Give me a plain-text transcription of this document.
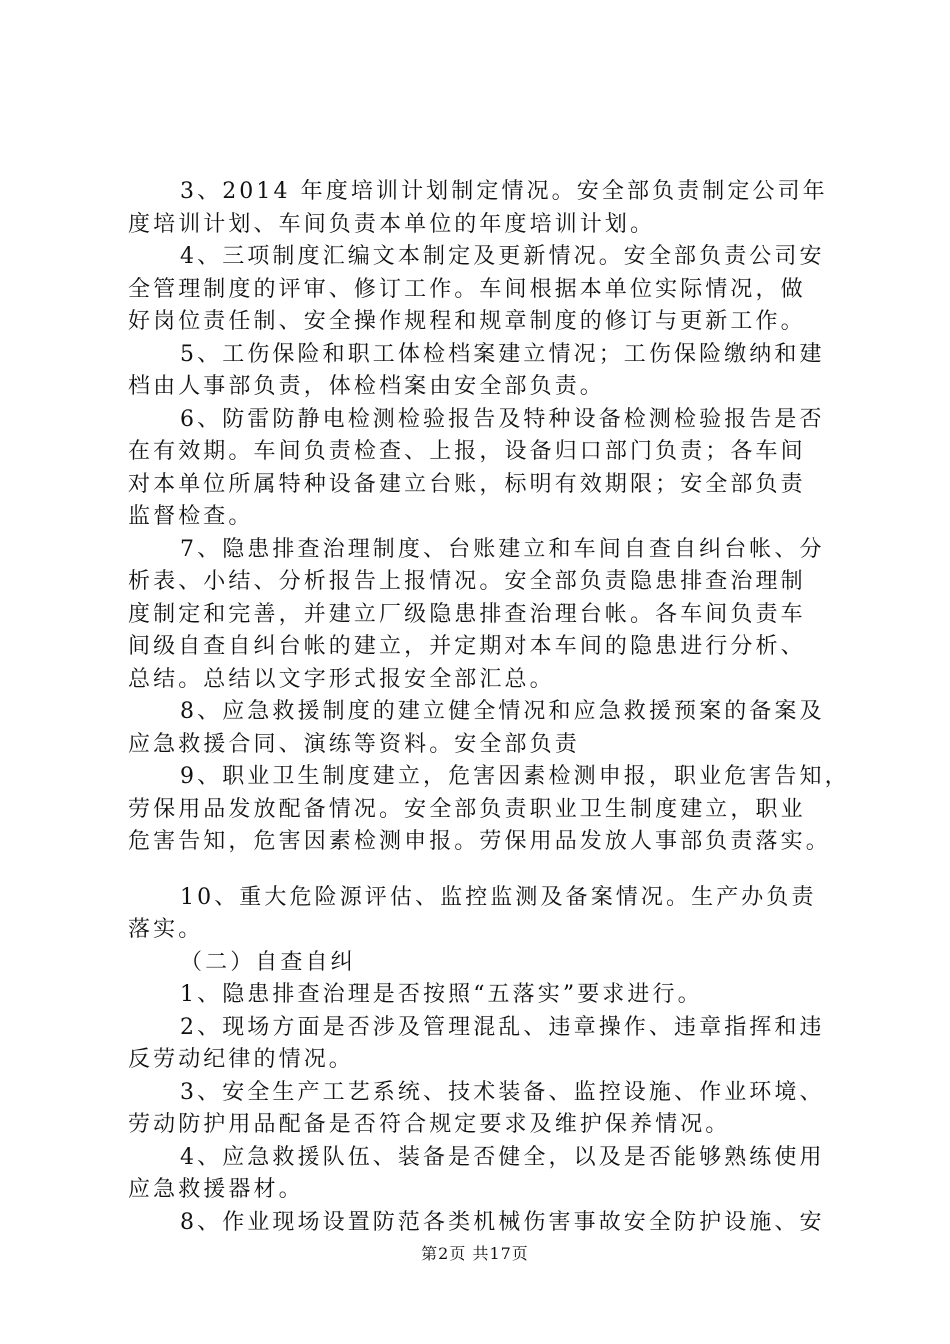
3、2014 年度培训计划制定情况。安全部负责制定公司年
度培训计划、车间负责本单位的年度培训计划。
4、三项制度汇编文本制定及更新情况。安全部负责公司安
全管理制度的评审、修订工作。车间根据本单位实际情况，做
好岗位责任制、安全操作规程和规章制度的修订与更新工作。
5、工伤保险和职工体检档案建立情况；工伤保险缴纳和建
档由人事部负责，体检档案由安全部负责。
6、防雷防静电检测检验报告及特种设备检测检验报告是否
在有效期。车间负责检查、上报，设备归口部门负责；各车间
对本单位所属特种设备建立台账，标明有效期限；安全部负责
监督检查。
7、隐患排查治理制度、台账建立和车间自查自纠台帐、分
析表、小结、分析报告上报情况。安全部负责隐患排查治理制
度制定和完善，并建立厂级隐患排查治理台帐。各车间负责车
间级自查自纠台帐的建立，并定期对本车间的隐患进行分析、
总结。总结以文字形式报安全部汇总。
8、应急救援制度的建立健全情况和应急救援预案的备案及
应急救援合同、演练等资料。安全部负责
9、职业卫生制度建立，危害因素检测申报，职业危害告知，
劳保用品发放配备情况。安全部负责职业卫生制度建立，职业
危害告知，危害因素检测申报。劳保用品发放人事部负责落实。
10、重大危险源评估、监控监测及备案情况。生产办负责
落实。
（二）自查自纠
1、隐患排查治理是否按照“五落实”要求进行。
2、现场方面是否涉及管理混乱、违章操作、违章指挥和违
反劳动纪律的情况。
3、安全生产工艺系统、技术装备、监控设施、作业环境、
劳动防护用品配备是否符合规定要求及维护保养情况。
4、应急救援队伍、装备是否健全，以及是否能够熟练使用
应急救援器材。
8、作业现场设置防范各类机械伤害事故安全防护设施、安
第2页 共17页
